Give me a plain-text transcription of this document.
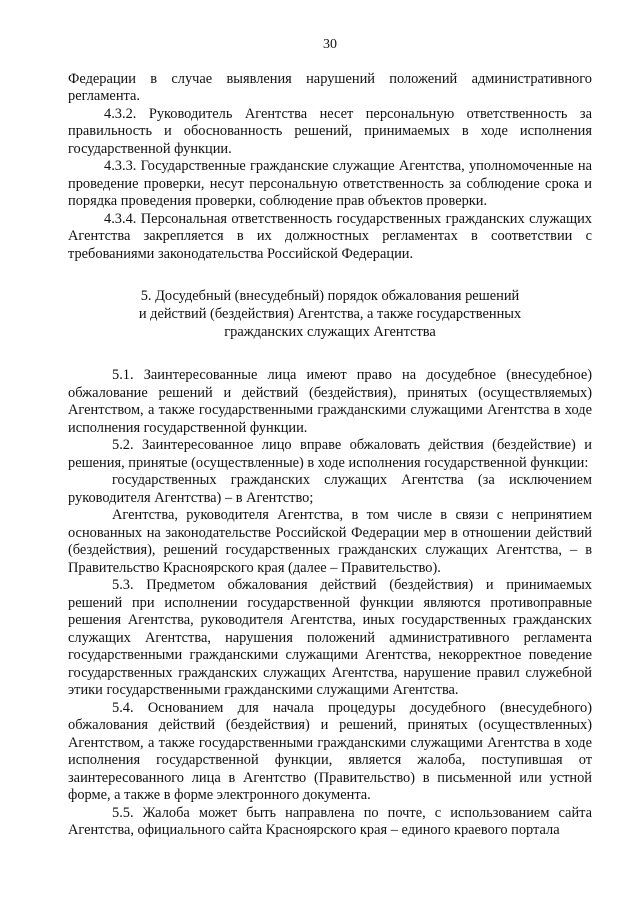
30

Федерации в случае выявления нарушений положений административного регламента.

4.3.2. Руководитель Агентства несет персональную ответственность за правильность и обоснованность решений, принимаемых в ходе исполнения государственной функции.

4.3.3. Государственные гражданские служащие Агентства, уполномоченные на проведение проверки, несут персональную ответственность за соблюдение срока и порядка проведения проверки, соблюдение прав объектов проверки.

4.3.4. Персональная ответственность государственных гражданских служащих Агентства закрепляется в их должностных регламентах в соответствии с требованиями законодательства Российской Федерации.

5. Досудебный (внесудебный) порядок обжалования решений
и действий (бездействия) Агентства, а также государственных
гражданских служащих Агентства

5.1. Заинтересованные лица имеют право на досудебное (внесудебное) обжалование решений и действий (бездействия), принятых (осуществляемых) Агентством, а также государственными гражданскими служащими Агентства в ходе исполнения государственной функции.

5.2. Заинтересованное лицо вправе обжаловать действия (бездействие) и решения, принятые (осуществленные) в ходе исполнения государственной функции:

государственных гражданских служащих Агентства (за исключением руководителя Агентства) – в Агентство;

Агентства, руководителя Агентства, в том числе в связи с непринятием основанных на законодательстве Российской Федерации мер в отношении действий (бездействия), решений государственных гражданских служащих Агентства, – в Правительство Красноярского края (далее – Правительство).

5.3. Предметом обжалования действий (бездействия) и принимаемых решений при исполнении государственной функции являются противоправные решения Агентства, руководителя Агентства, иных государственных гражданских служащих Агентства, нарушения положений административного регламента государственными гражданскими служащими Агентства, некорректное поведение государственных гражданских служащих Агентства, нарушение правил служебной этики государственными гражданскими служащими Агентства.

5.4. Основанием для начала процедуры досудебного (внесудебного) обжалования действий (бездействия) и решений, принятых (осуществленных) Агентством, а также государственными гражданскими служащими Агентства в ходе исполнения государственной функции, является жалоба, поступившая от заинтересованного лица в Агентство (Правительство) в письменной или устной форме, а также в форме электронного документа.

5.5. Жалоба может быть направлена по почте, с использованием сайта Агентства, официального сайта Красноярского края – единого краевого портала
